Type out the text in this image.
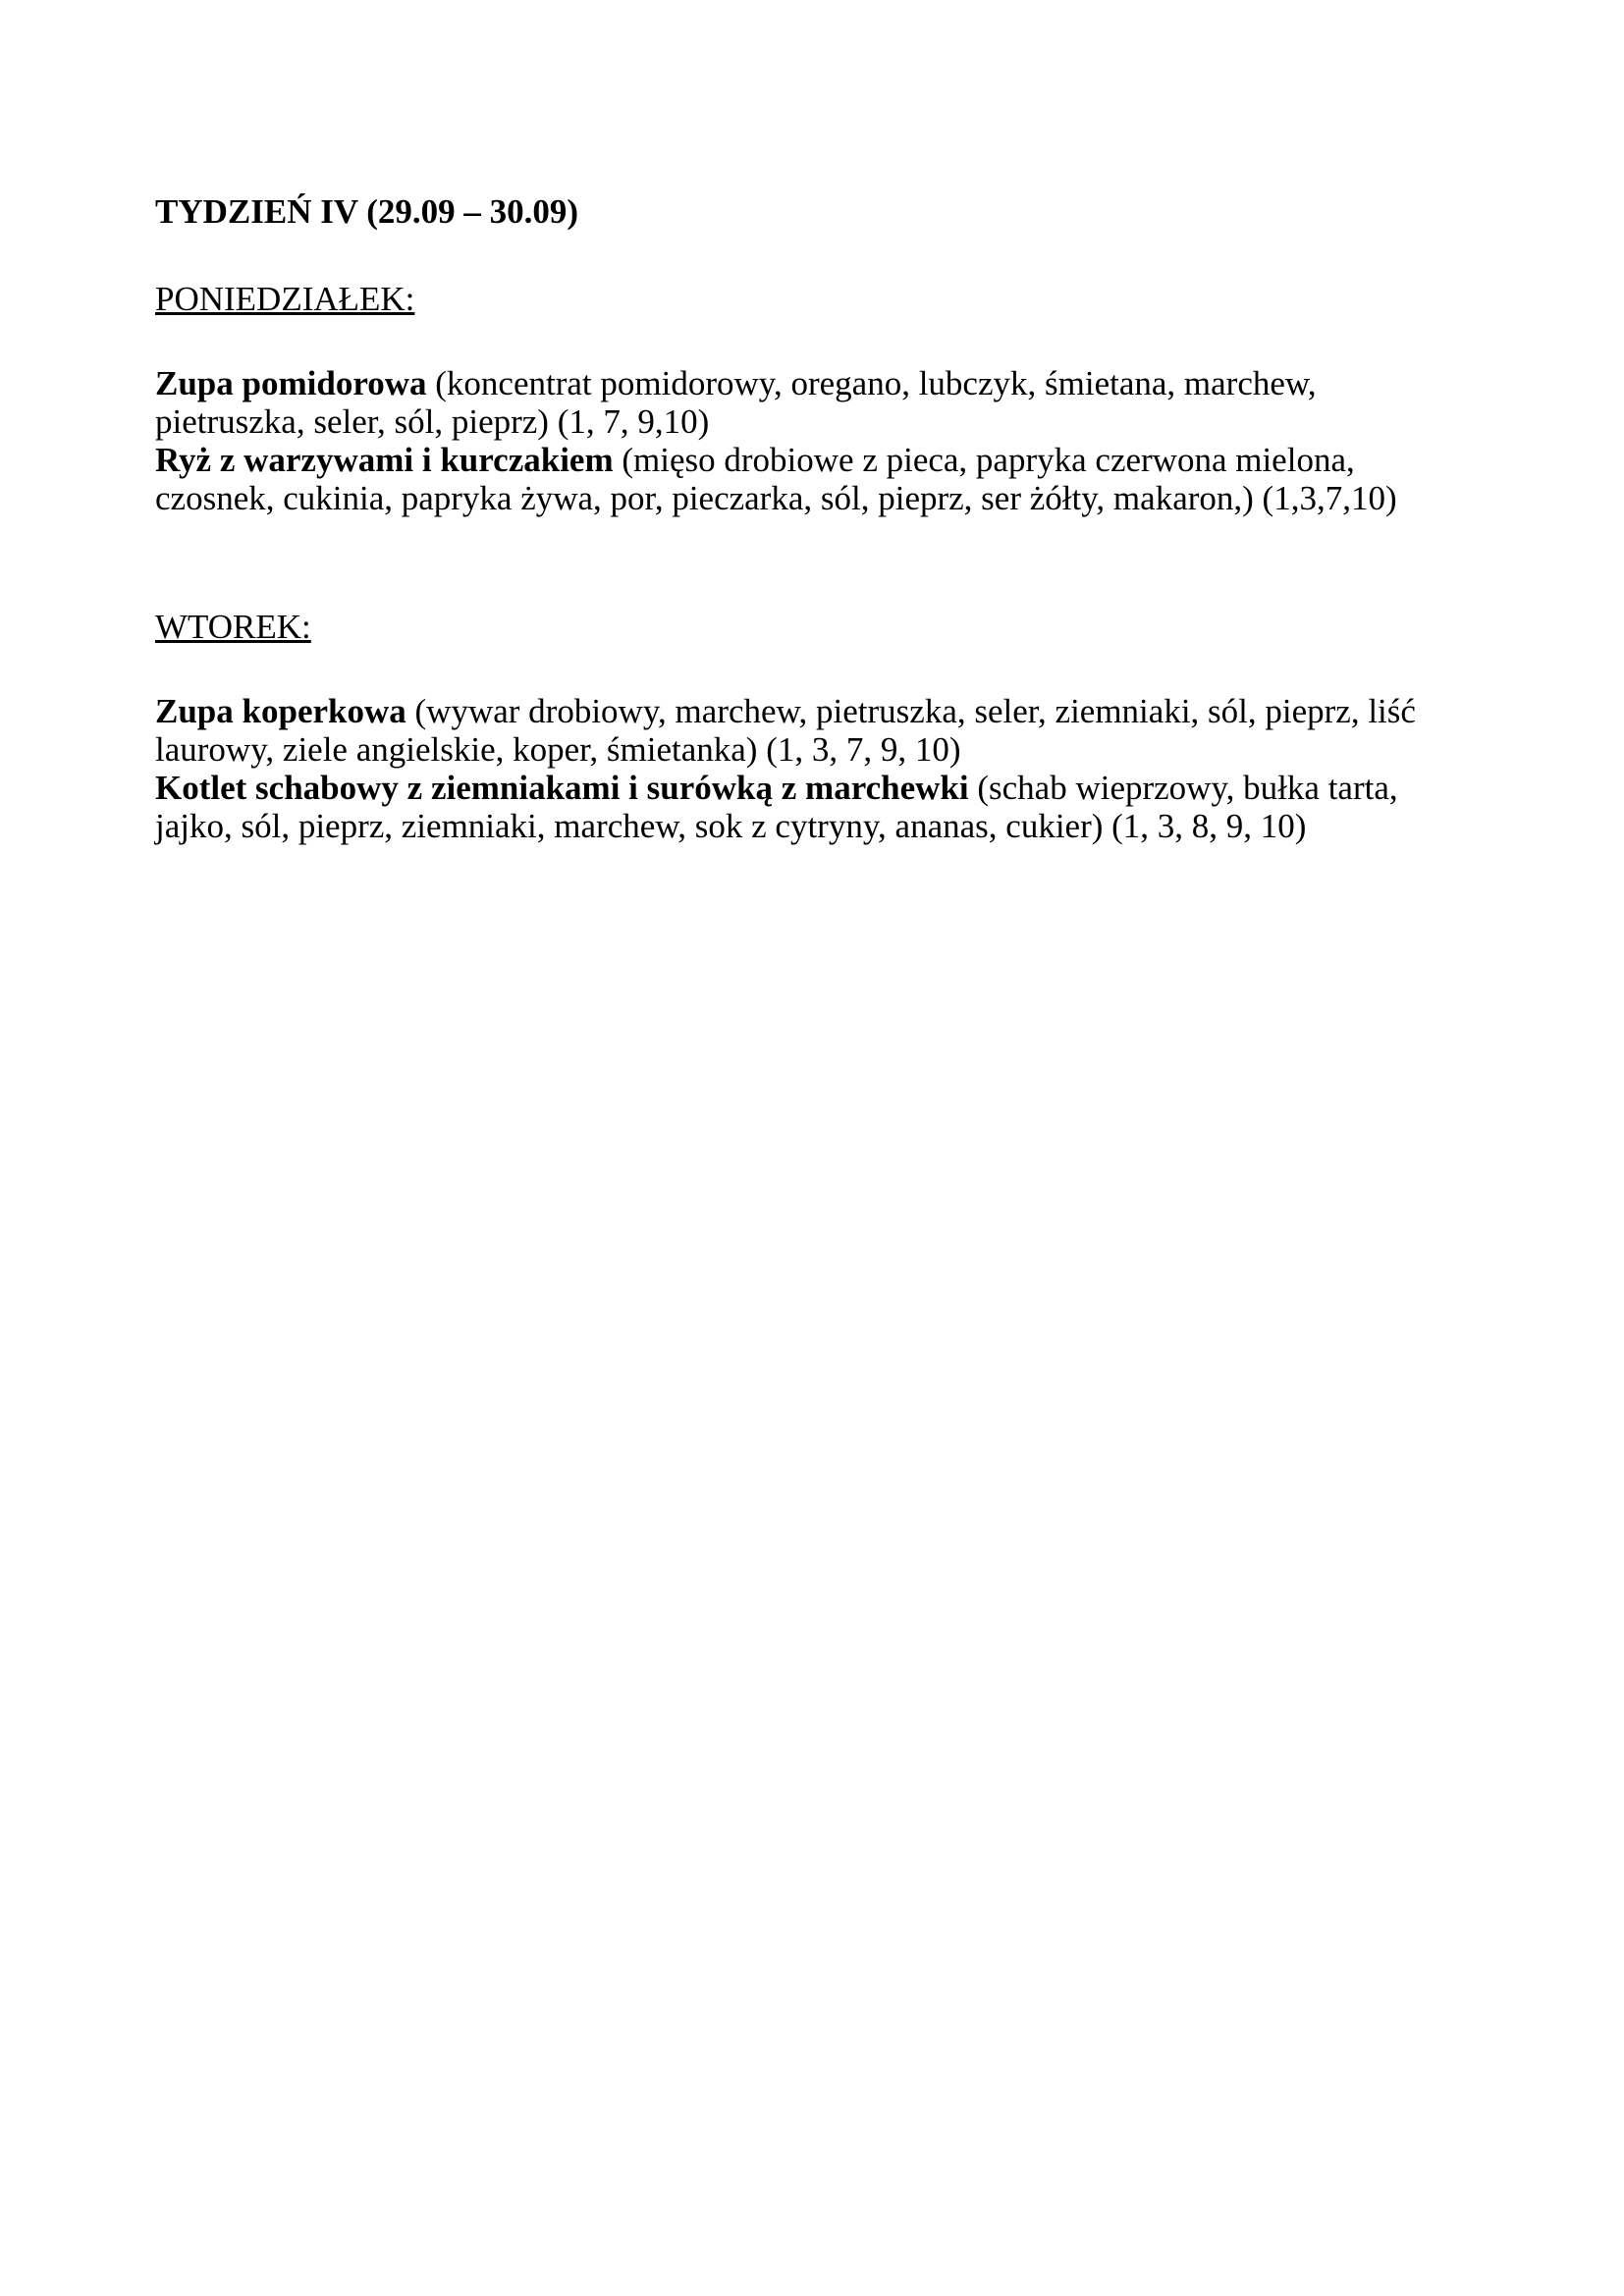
TYDZIEŃ IV (29.09 – 30.09)

PONIEDZIAŁEK:

Zupa pomidorowa (koncentrat pomidorowy, oregano, lubczyk, śmietana, marchew, pietruszka, seler, sól, pieprz) (1, 7, 9,10)

Ryż z warzywami i kurczakiem (mięso drobiowe z pieca, papryka czerwona mielona, czosnek, cukinia, papryka żywa, por, pieczarka, sól, pieprz, ser żółty, makaron,) (1,3,7,10)

WTOREK:

Zupa koperkowa (wywar drobiowy, marchew, pietruszka, seler, ziemniaki, sól, pieprz, liść laurowy, ziele angielskie, koper, śmietanka) (1, 3, 7, 9, 10)

Kotlet schabowy z ziemniakami i surówką z marchewki (schab wieprzowy, bułka tarta, jajko, sól, pieprz, ziemniaki, marchew, sok z cytryny, ananas, cukier) (1, 3, 8, 9, 10)
